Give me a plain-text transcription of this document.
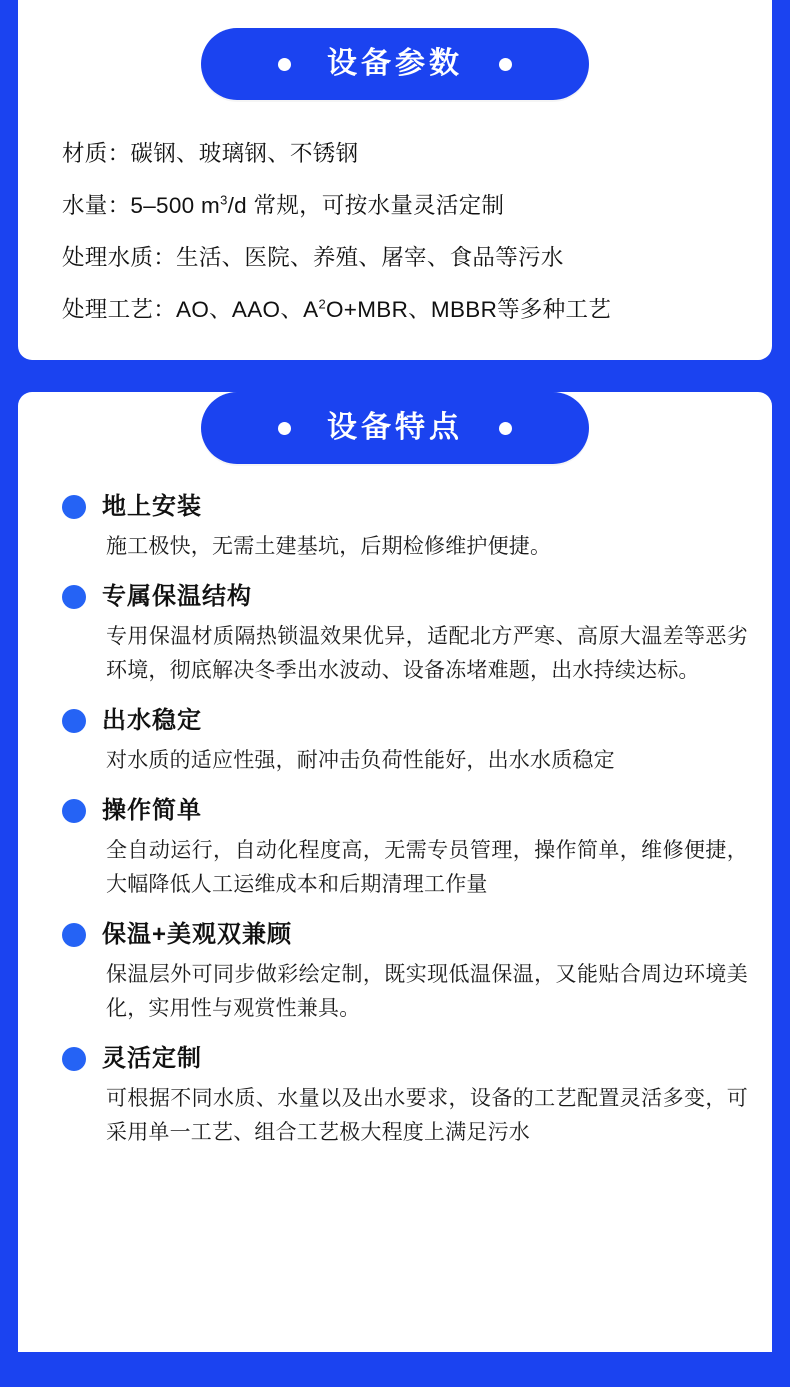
设备参数
材质：碳钢、玻璃钢、不锈钢
水量：5–500 $m^3/d$ 常规，可按水量灵活定制
处理水质：生活、医院、养殖、屠宰、食品等污水
处理工艺：AO、AAO、$A^2O+MBR$、MBBR等多种工艺
设备特点
地上安装
施工极快，无需土建基坑，后期检修维护便捷。
专属保温结构
专用保温材质隔热锁温效果优异，适配北方严寒、高原大温差等恶劣环境，彻底解决冬季出水波动、设备冻堵难题，出水持续达标。
出水稳定
对水质的适应性强，耐冲击负荷性能好，出水水质稳定
操作简单
全自动运行，自动化程度高，无需专员管理，操作简单，维修便捷，大幅降低人工运维成本和后期清理工作量
保温+美观双兼顾
保温层外可同步做彩绘定制，既实现低温保温，又能贴合周边环境美化，实用性与观赏性兼具。
灵活定制
可根据不同水质、水量以及出水要求，设备的工艺配置灵活多变，可采用单一工艺、组合工艺极大程度上满足污水
